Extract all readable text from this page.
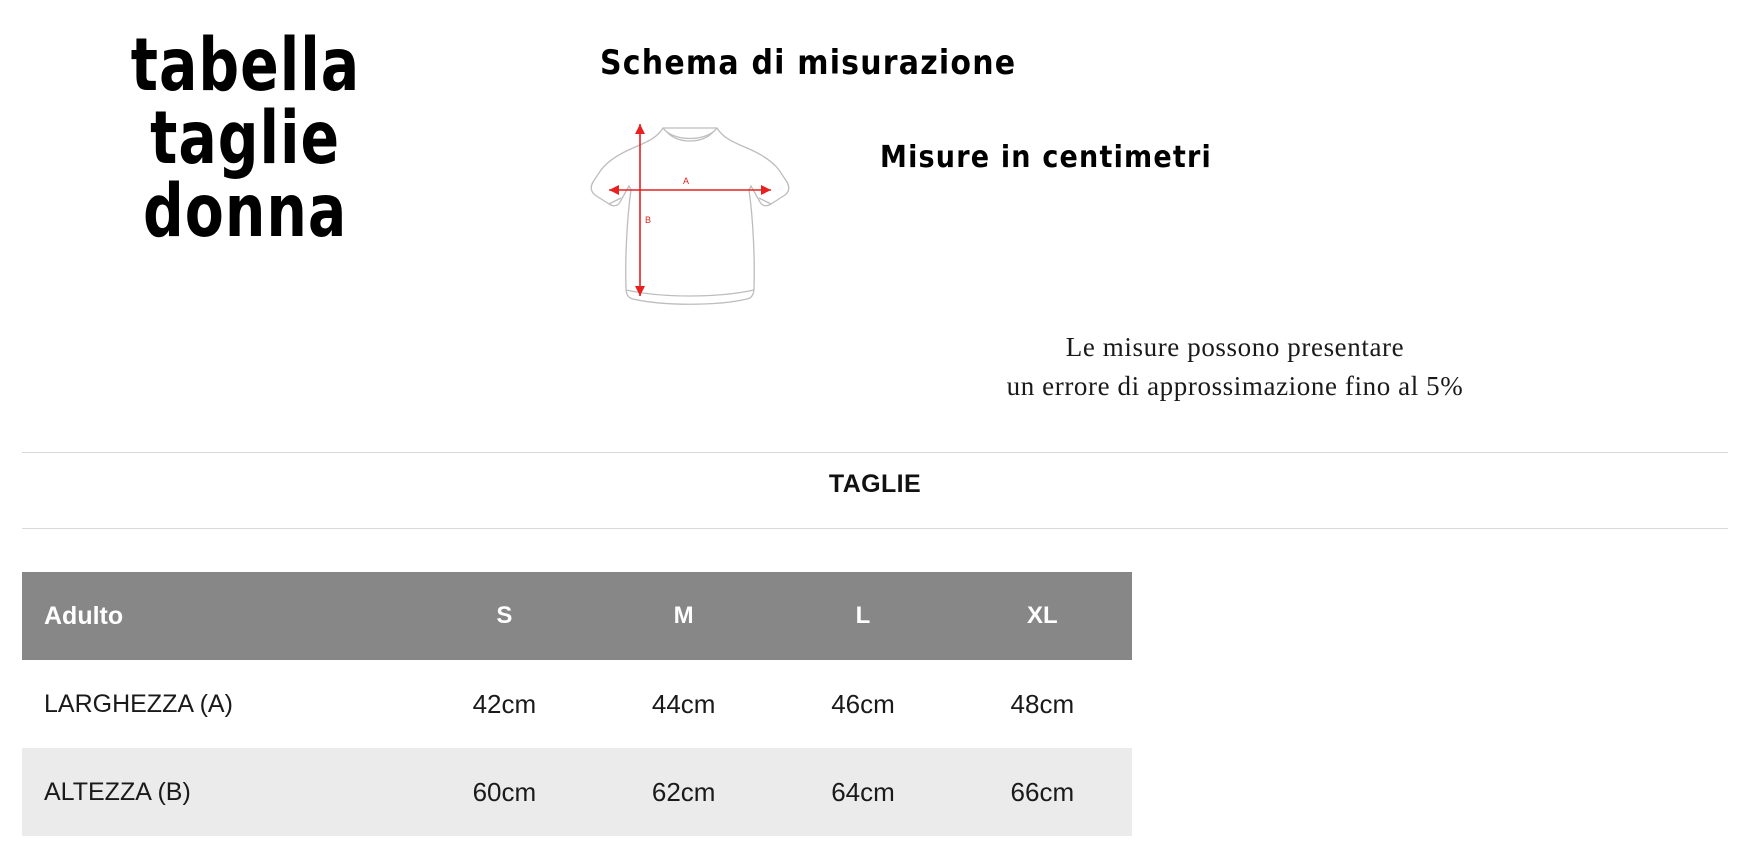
tabella
taglie
donna
Schema di misurazione
Misure in centimetri
A
B
Le misure possono presentare
un errore di approssimazione fino al 5%
TAGLIE
Adulto	S	M	L	XL
LARGHEZZA (A)	42cm	44cm	46cm	48cm
ALTEZZA (B)	60cm	62cm	64cm	66cm
